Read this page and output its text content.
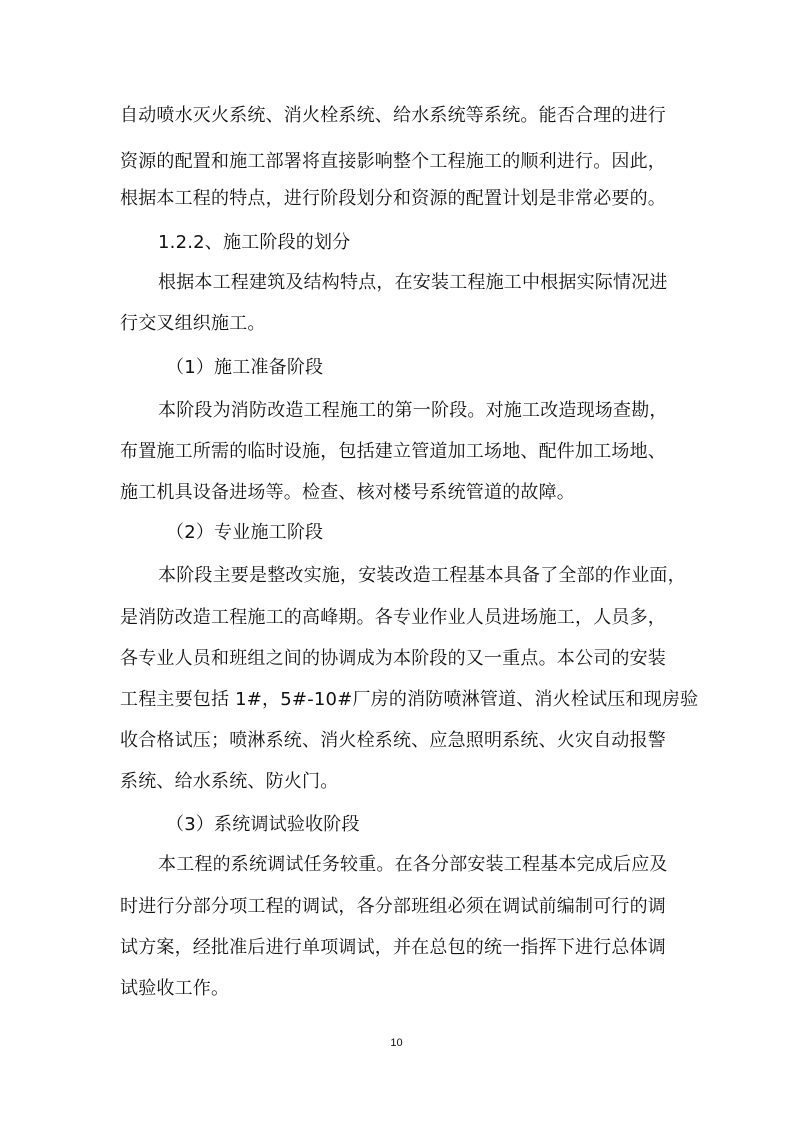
自动喷水灭火系统、消火栓系统、给水系统等系统。能否合理的进行
资源的配置和施工部署将直接影响整个工程施工的顺利进行。因此，
根据本工程的特点，进行阶段划分和资源的配置计划是非常必要的。
1.2.2、施工阶段的划分
根据本工程建筑及结构特点，在安装工程施工中根据实际情况进
行交叉组织施工。
（1）施工准备阶段
本阶段为消防改造工程施工的第一阶段。对施工改造现场查勘，
布置施工所需的临时设施，包括建立管道加工场地、配件加工场地、
施工机具设备进场等。检查、核对楼号系统管道的故障。
（2）专业施工阶段
本阶段主要是整改实施，安装改造工程基本具备了全部的作业面，
是消防改造工程施工的高峰期。各专业作业人员进场施工，人员多，
各专业人员和班组之间的协调成为本阶段的又一重点。本公司的安装
工程主要包括 1#，5#-10#厂房的消防喷淋管道、消火栓试压和现房验
收合格试压；喷淋系统、消火栓系统、应急照明系统、火灾自动报警
系统、给水系统、防火门。
（3）系统调试验收阶段
本工程的系统调试任务较重。在各分部安装工程基本完成后应及
时进行分部分项工程的调试，各分部班组必须在调试前编制可行的调
试方案，经批准后进行单项调试，并在总包的统一指挥下进行总体调
试验收工作。
10
